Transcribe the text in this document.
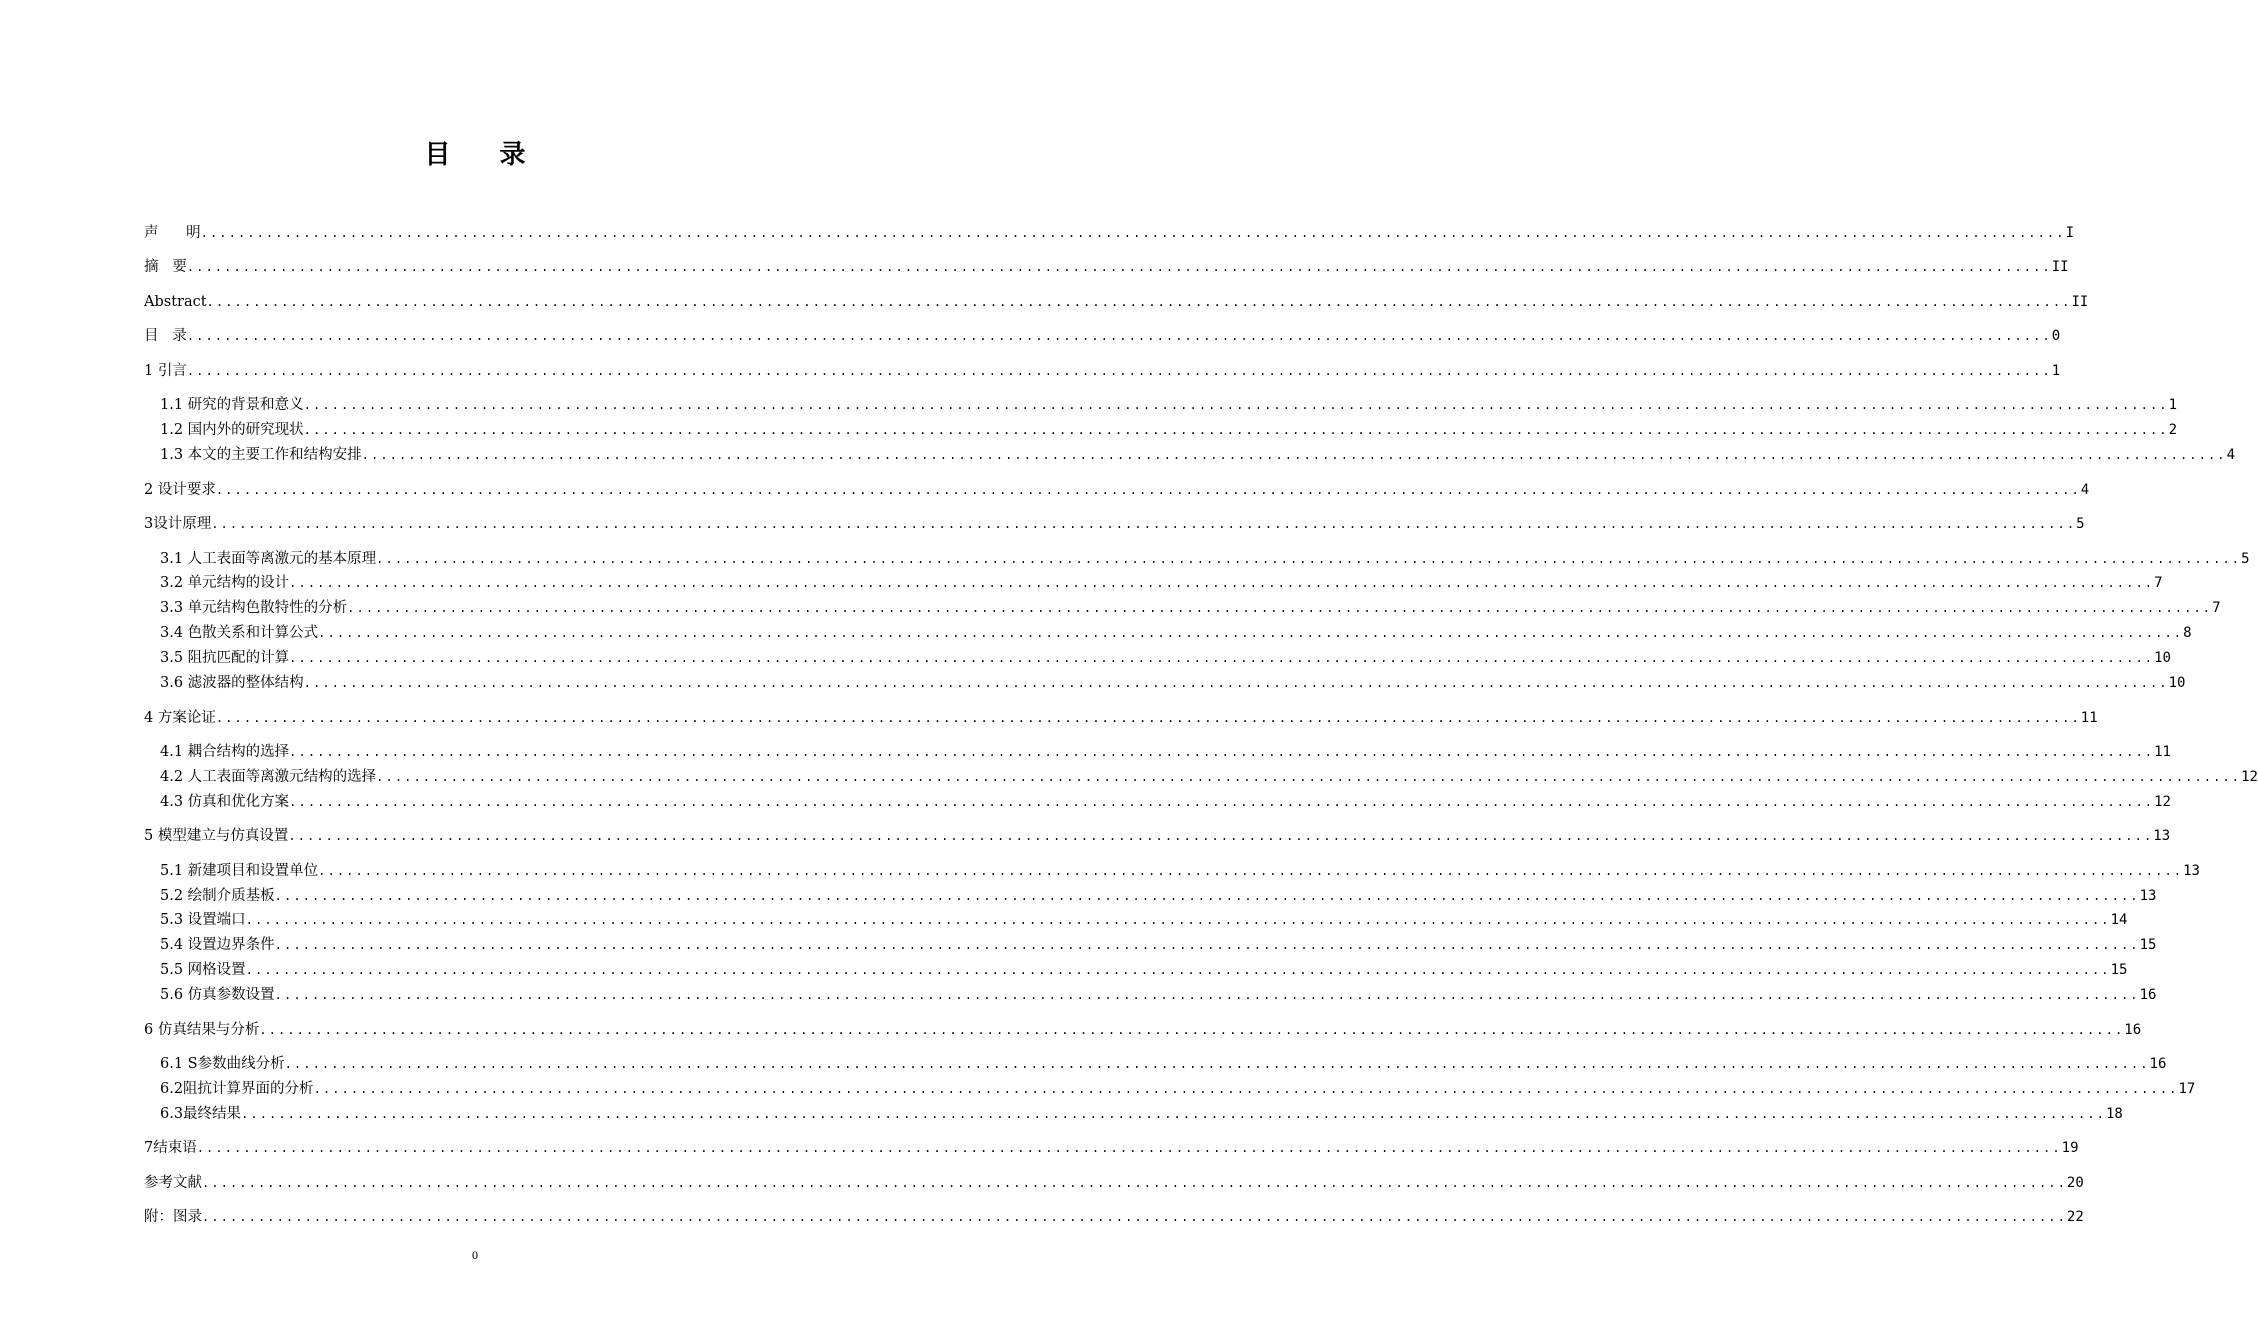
目 录
声      明 ........................................................................................................................................................................................................ I
摘   要 ........................................................................................................................................................................................................ II
Abstract ........................................................................................................................................................................................................ II
目   录 ........................................................................................................................................................................................................ 0
1 引言 ........................................................................................................................................................................................................ 1
1.1 研究的背景和意义 ........................................................................................................................................................................................................ 1
1.2 国内外的研究现状 ........................................................................................................................................................................................................ 2
1.3 本文的主要工作和结构安排 ........................................................................................................................................................................................................ 4
2 设计要求 ........................................................................................................................................................................................................ 4
3设计原理 ........................................................................................................................................................................................................ 5
3.1 人工表面等离激元的基本原理 ........................................................................................................................................................................................................ 5
3.2 单元结构的设计 ........................................................................................................................................................................................................ 7
3.3 单元结构色散特性的分析 ........................................................................................................................................................................................................ 7
3.4 色散关系和计算公式 ........................................................................................................................................................................................................ 8
3.5 阻抗匹配的计算 ........................................................................................................................................................................................................ 10
3.6 滤波器的整体结构 ........................................................................................................................................................................................................ 10
4 方案论证 ........................................................................................................................................................................................................ 11
4.1 耦合结构的选择 ........................................................................................................................................................................................................ 11
4.2 人工表面等离激元结构的选择 ........................................................................................................................................................................................................ 12
4.3 仿真和优化方案 ........................................................................................................................................................................................................ 12
5 模型建立与仿真设置 ........................................................................................................................................................................................................ 13
5.1 新建项目和设置单位 ........................................................................................................................................................................................................ 13
5.2 绘制介质基板 ........................................................................................................................................................................................................ 13
5.3 设置端口 ........................................................................................................................................................................................................ 14
5.4 设置边界条件 ........................................................................................................................................................................................................ 15
5.5 网格设置 ........................................................................................................................................................................................................ 15
5.6 仿真参数设置 ........................................................................................................................................................................................................ 16
6 仿真结果与分析 ........................................................................................................................................................................................................ 16
6.1 S参数曲线分析 ........................................................................................................................................................................................................ 16
6.2阻抗计算界面的分析 ........................................................................................................................................................................................................ 17
6.3最终结果 ........................................................................................................................................................................................................ 18
7结束语 ........................................................................................................................................................................................................ 19
参考文献 ........................................................................................................................................................................................................ 20
附：图录 ........................................................................................................................................................................................................ 22
0
